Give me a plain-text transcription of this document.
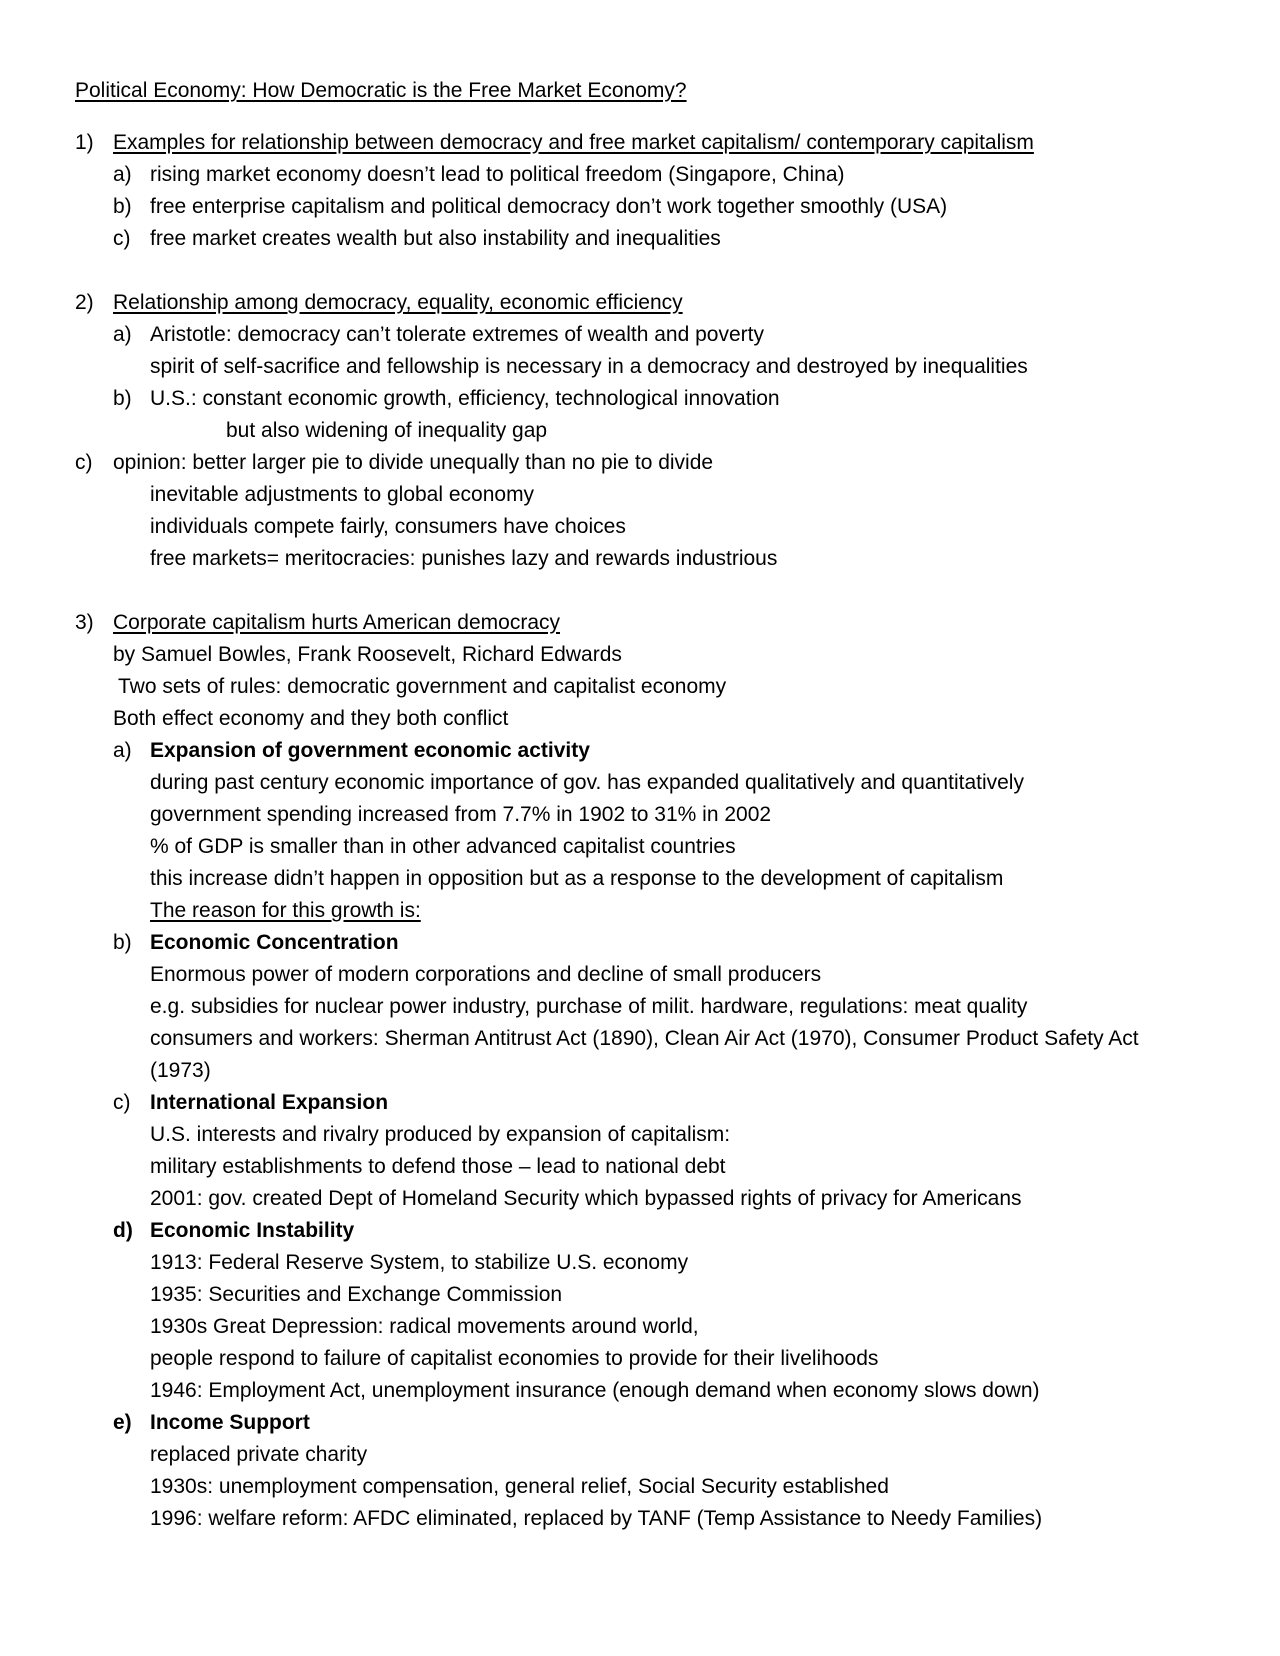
Political Economy: How Democratic is the Free Market Economy?
1) Examples for relationship between democracy and free market capitalism/ contemporary capitalism
a) rising market economy doesn’t lead to political freedom (Singapore, China)
b) free enterprise capitalism and political democracy don’t work together smoothly (USA)
c) free market creates wealth but also instability and inequalities
2) Relationship among democracy, equality, economic efficiency
a) Aristotle: democracy can’t tolerate extremes of wealth and poverty
spirit of self-sacrifice and fellowship is necessary in a democracy and destroyed by inequalities
b) U.S.: constant economic growth, efficiency, technological innovation
but also widening of inequality gap
c) opinion: better larger pie to divide unequally than no pie to divide
inevitable adjustments to global economy
individuals compete fairly, consumers have choices
free markets= meritocracies: punishes lazy and rewards industrious
3) Corporate capitalism hurts American democracy
by Samuel Bowles, Frank Roosevelt, Richard Edwards
Two sets of rules: democratic government and capitalist economy
Both effect economy and they both conflict
a) Expansion of government economic activity
during past century economic importance of gov. has expanded qualitatively and quantitatively
government spending increased from 7.7% in 1902 to 31% in 2002
% of GDP is smaller than in other advanced capitalist countries
this increase didn’t happen in opposition but as a response to the development of capitalism
The reason for this growth is:
b) Economic Concentration
Enormous power of modern corporations and decline of small producers
e.g. subsidies for nuclear power industry, purchase of milit. hardware, regulations: meat quality
consumers and workers: Sherman Antitrust Act (1890), Clean Air Act (1970), Consumer Product Safety Act
(1973)
c) International Expansion
U.S. interests and rivalry produced by expansion of capitalism:
military establishments to defend those – lead to national debt
2001: gov. created Dept of Homeland Security which bypassed rights of privacy for Americans
d) Economic Instability
1913: Federal Reserve System, to stabilize U.S. economy
1935: Securities and Exchange Commission
1930s Great Depression: radical movements around world,
people respond to failure of capitalist economies to provide for their livelihoods
1946: Employment Act, unemployment insurance (enough demand when economy slows down)
e) Income Support
replaced private charity
1930s: unemployment compensation, general relief, Social Security established
1996: welfare reform: AFDC eliminated, replaced by TANF (Temp Assistance to Needy Families)
